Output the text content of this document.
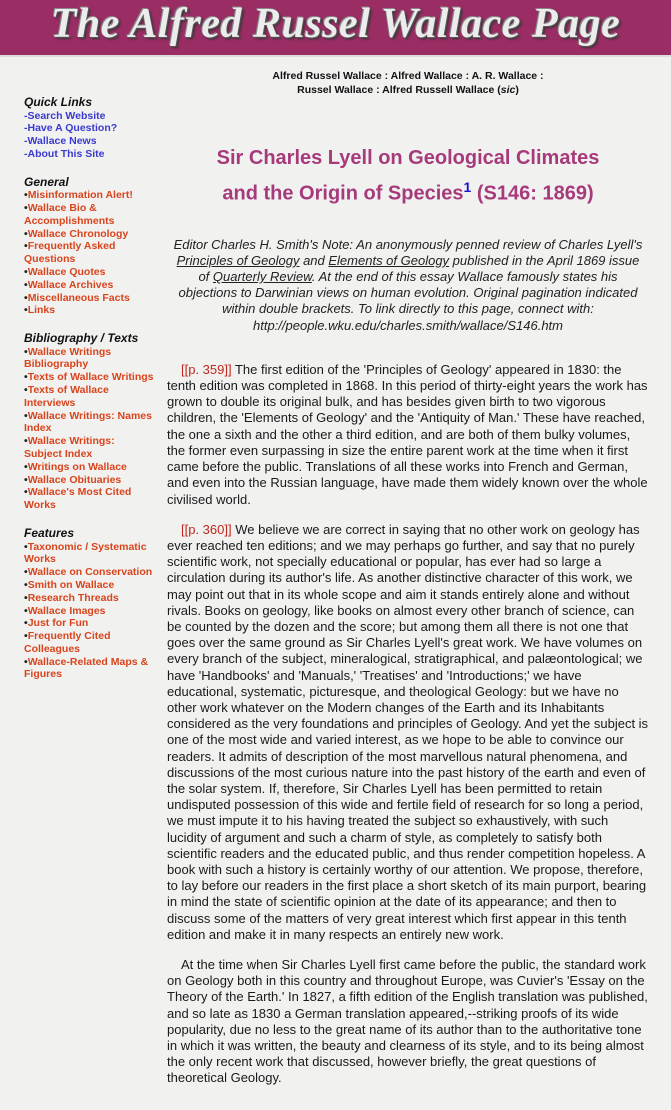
The Alfred Russel Wallace Page
Quick Links
-Search Website
-Have A Question?
-Wallace News
-About This Site
General
•Misinformation Alert!
•Wallace Bio & Accomplishments
•Wallace Chronology
•Frequently Asked Questions
•Wallace Quotes
•Wallace Archives
•Miscellaneous Facts
•Links
Bibliography / Texts
•Wallace Writings Bibliography
•Texts of Wallace Writings
•Texts of Wallace Interviews
•Wallace Writings: Names Index
•Wallace Writings: Subject Index
•Writings on Wallace
•Wallace Obituaries
•Wallace's Most Cited Works
Features
•Taxonomic / Systematic Works
•Wallace on Conservation
•Smith on Wallace
•Research Threads
•Wallace Images
•Just for Fun
•Frequently Cited Colleagues
•Wallace-Related Maps & Figures
Alfred Russel Wallace : Alfred Wallace : A. R. Wallace :
Russel Wallace : Alfred Russell Wallace (sic)
Sir Charles Lyell on Geological Climates
and the Origin of Species$^1$ (S146: 1869)
Editor Charles H. Smith's Note: An anonymously penned review of Charles Lyell's Principles of Geology and Elements of Geology published in the April 1869 issue of Quarterly Review. At the end of this essay Wallace famously states his objections to Darwinian views on human evolution. Original pagination indicated within double brackets. To link directly to this page, connect with: http://people.wku.edu/charles.smith/wallace/S146.htm

[[p. 359]] The first edition of the 'Principles of Geology' appeared in 1830: the tenth edition was completed in 1868. In this period of thirty-eight years the work has grown to double its original bulk, and has besides given birth to two vigorous children, the 'Elements of Geology' and the 'Antiquity of Man.' These have reached, the one a sixth and the other a third edition, and are both of them bulky volumes, the former even surpassing in size the entire parent work at the time when it first came before the public. Translations of all these works into French and German, and even into the Russian language, have made them widely known over the whole civilised world.

[[p. 360]] We believe we are correct in saying that no other work on geology has ever reached ten editions; and we may perhaps go further, and say that no purely scientific work, not specially educational or popular, has ever had so large a circulation during its author's life. As another distinctive character of this work, we may point out that in its whole scope and aim it stands entirely alone and without rivals. Books on geology, like books on almost every other branch of science, can be counted by the dozen and the score; but among them all there is not one that goes over the same ground as Sir Charles Lyell's great work. We have volumes on every branch of the subject, mineralogical, stratigraphical, and palæontological; we have 'Handbooks' and 'Manuals,' 'Treatises' and 'Introductions;' we have educational, systematic, picturesque, and theological Geology: but we have no other work whatever on the Modern changes of the Earth and its Inhabitants considered as the very foundations and principles of Geology. And yet the subject is one of the most wide and varied interest, as we hope to be able to convince our readers. It admits of description of the most marvellous natural phenomena, and discussions of the most curious nature into the past history of the earth and even of the solar system. If, therefore, Sir Charles Lyell has been permitted to retain undisputed possession of this wide and fertile field of research for so long a period, we must impute it to his having treated the subject so exhaustively, with such lucidity of argument and such a charm of style, as completely to satisfy both scientific readers and the educated public, and thus render competition hopeless. A book with such a history is certainly worthy of our attention. We propose, therefore, to lay before our readers in the first place a short sketch of its main purport, bearing in mind the state of scientific opinion at the date of its appearance; and then to discuss some of the matters of very great interest which first appear in this tenth edition and make it in many respects an entirely new work.

At the time when Sir Charles Lyell first came before the public, the standard work on Geology both in this country and throughout Europe, was Cuvier's 'Essay on the Theory of the Earth.' In 1827, a fifth edition of the English translation was published, and so late as 1830 a German translation appeared,--striking proofs of its wide popularity, due no less to the great name of its author than to the authoritative tone in which it was written, the beauty and clearness of its style, and to its being almost the only recent work that discussed, however briefly, the great questions of theoretical Geology.
